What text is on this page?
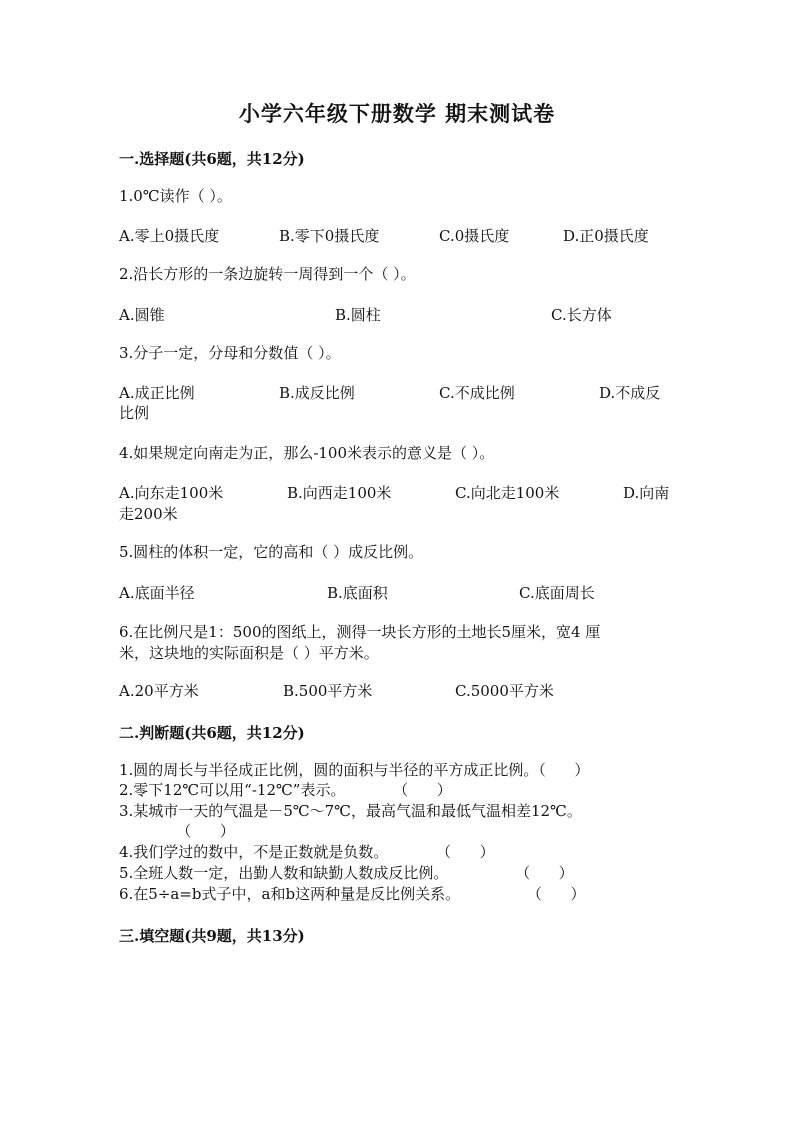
小学六年级下册数学 期末测试卷
一.选择题(共6题，共12分)
1.0℃读作（ ）。
A.零上0摄氏度	B.零下0摄氏度	C.0摄氏度	D.正0摄氏度
2.沿长方形的一条边旋转一周得到一个（ ）。
A.圆锥	B.圆柱	C.长方体
3.分子一定，分母和分数值（ ）。
A.成正比例	B.成反比例	C.不成比例	D.不成反
比例
4.如果规定向南走为正，那么-100米表示的意义是（ ）。
A.向东走100米	B.向西走100米	C.向北走100米	D.向南
走200米
5.圆柱的体积一定，它的高和（ ）成反比例。
A.底面半径	B.底面积	C.底面周长
6.在比例尺是1：500的图纸上，测得一块长方形的土地长5厘米，宽4 厘
米，这块地的实际面积是（ ）平方米。
A.20平方米	B.500平方米	C.5000平方米
二.判断题(共6题，共12分)
1.圆的周长与半径成正比例，圆的面积与半径的平方成正比例。（      ）
2.零下12℃可以用“-12℃”表示。          （      ）
3.某城市一天的气温是－5℃～7℃，最高气温和最低气温相差12℃。
（      ）
4.我们学过的数中，不是正数就是负数。          （      ）
5.全班人数一定，出勤人数和缺勤人数成反比例。              （      ）
6.在5÷a=b式子中，a和b这两种量是反比例关系。              （      ）
三.填空题(共9题，共13分)
